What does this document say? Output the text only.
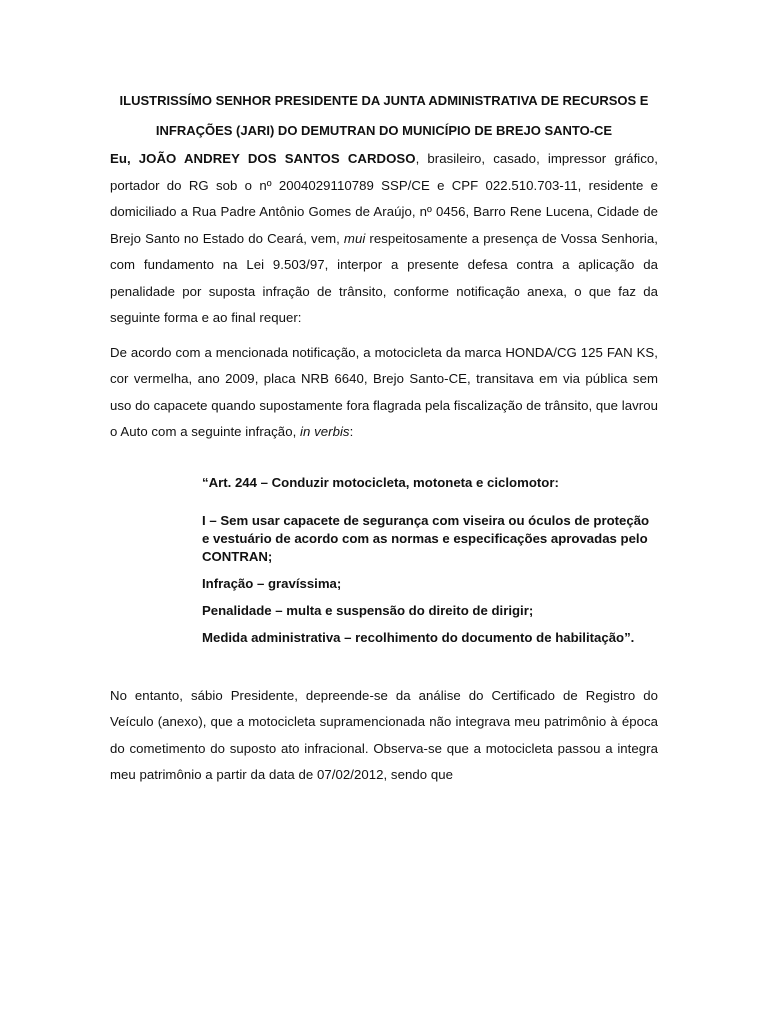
ILUSTRISSÍMO SENHOR PRESIDENTE DA JUNTA ADMINISTRATIVA DE RECURSOS E

INFRAÇÕES (JARI) DO DEMUTRAN DO MUNICÍPIO DE BREJO SANTO-CE

Eu, JOÃO ANDREY DOS SANTOS CARDOSO, brasileiro, casado, impressor gráfico, portador do RG sob o nº 2004029110789 SSP/CE e CPF 022.510.703-11, residente e domiciliado a Rua Padre Antônio Gomes de Araújo, nº 0456, Barro Rene Lucena, Cidade de Brejo Santo no Estado do Ceará, vem, mui respeitosamente a presença de Vossa Senhoria, com fundamento na Lei 9.503/97, interpor a presente defesa contra a aplicação da penalidade por suposta infração de trânsito, conforme notificação anexa, o que faz da seguinte forma e ao final requer:

De acordo com a mencionada notificação, a motocicleta da marca HONDA/CG 125 FAN KS, cor vermelha, ano 2009, placa NRB 6640, Brejo Santo-CE, transitava em via pública sem uso do capacete quando supostamente fora flagrada pela fiscalização de trânsito, que lavrou o Auto com a seguinte infração, in verbis:

“Art. 244 – Conduzir motocicleta, motoneta e ciclomotor:

I – Sem usar capacete de segurança com viseira ou óculos de proteção e vestuário de acordo com as normas e especificações aprovadas pelo CONTRAN;

Infração – gravíssima;

Penalidade – multa e suspensão do direito de dirigir;

Medida administrativa – recolhimento do documento de habilitação”.

No entanto, sábio Presidente, depreende-se da análise do Certificado de Registro do Veículo (anexo), que a motocicleta supramencionada não integrava meu patrimônio à época do cometimento do suposto ato infracional. Observa-se que a motocicleta passou a integra meu patrimônio a partir da data de 07/02/2012, sendo que
